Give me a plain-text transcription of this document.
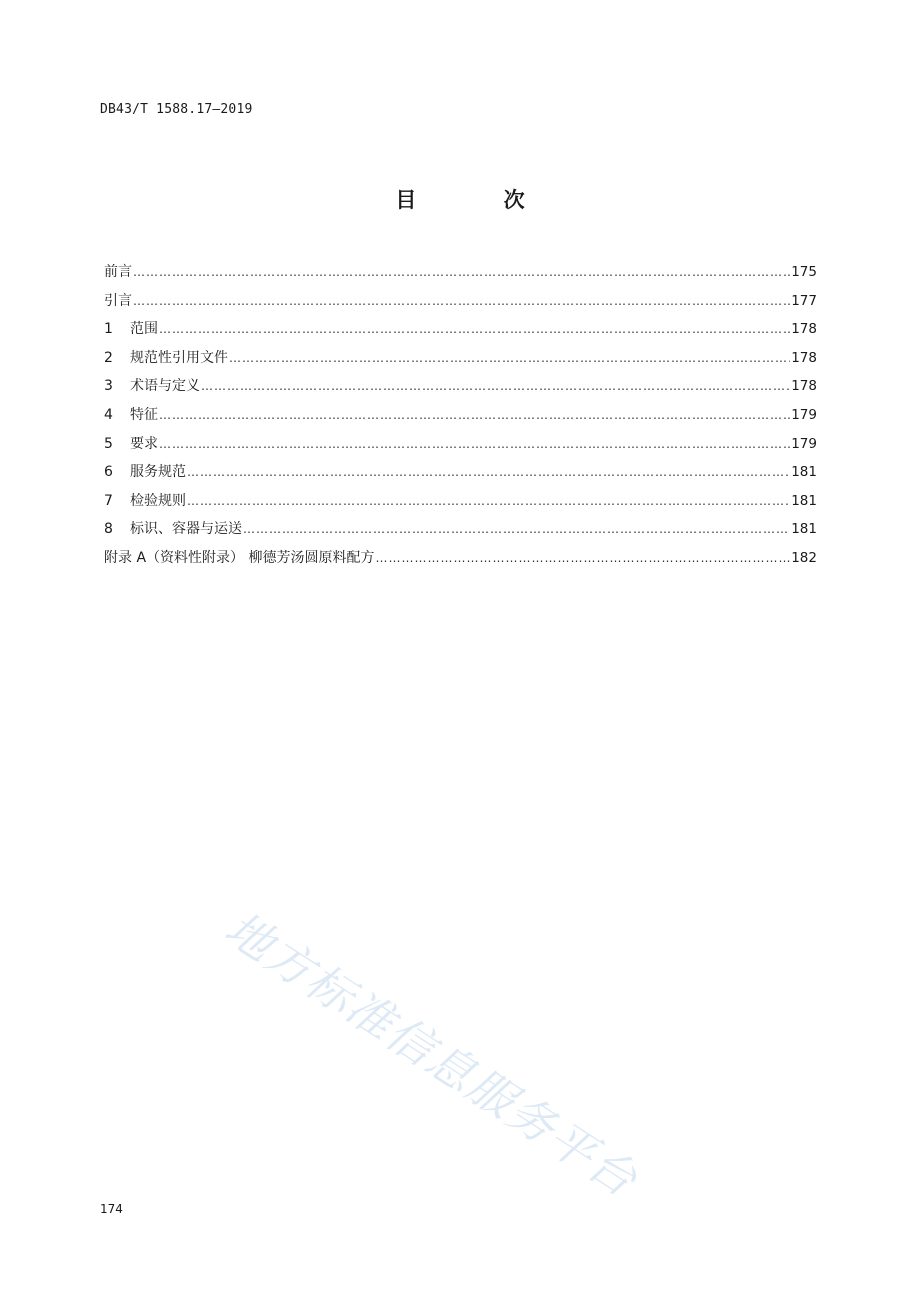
DB43/T 1588.17—2019
目 次
前言 ……………………………………………………………………………………………………………………………………………………………………………………………………………………………………………………………	175
引言 ……………………………………………………………………………………………………………………………………………………………………………………………………………………………………………………………	177
1	范围 ……………………………………………………………………………………………………………………………………………………………………………………………………………………………………………………………	178
2	规范性引用文件 ……………………………………………………………………………………………………………………………………………………………………………………………………………………………………………………………	178
3	术语与定义 ……………………………………………………………………………………………………………………………………………………………………………………………………………………………………………………………	178
4	特征 ……………………………………………………………………………………………………………………………………………………………………………………………………………………………………………………………	179
5	要求 ……………………………………………………………………………………………………………………………………………………………………………………………………………………………………………………………	179
6	服务规范 ……………………………………………………………………………………………………………………………………………………………………………………………………………………………………………………………	181
7	检验规则 ……………………………………………………………………………………………………………………………………………………………………………………………………………………………………………………………	181
8	标识、容器与运送 ……………………………………………………………………………………………………………………………………………………………………………………………………………………………………………………………	181
附录 A（资料性附录） 柳德芳汤圆原料配方 ……………………………………………………………………………………………………………………………………………………………………………………………………………………………………………………………	182
地方标准信息服务平台
174
